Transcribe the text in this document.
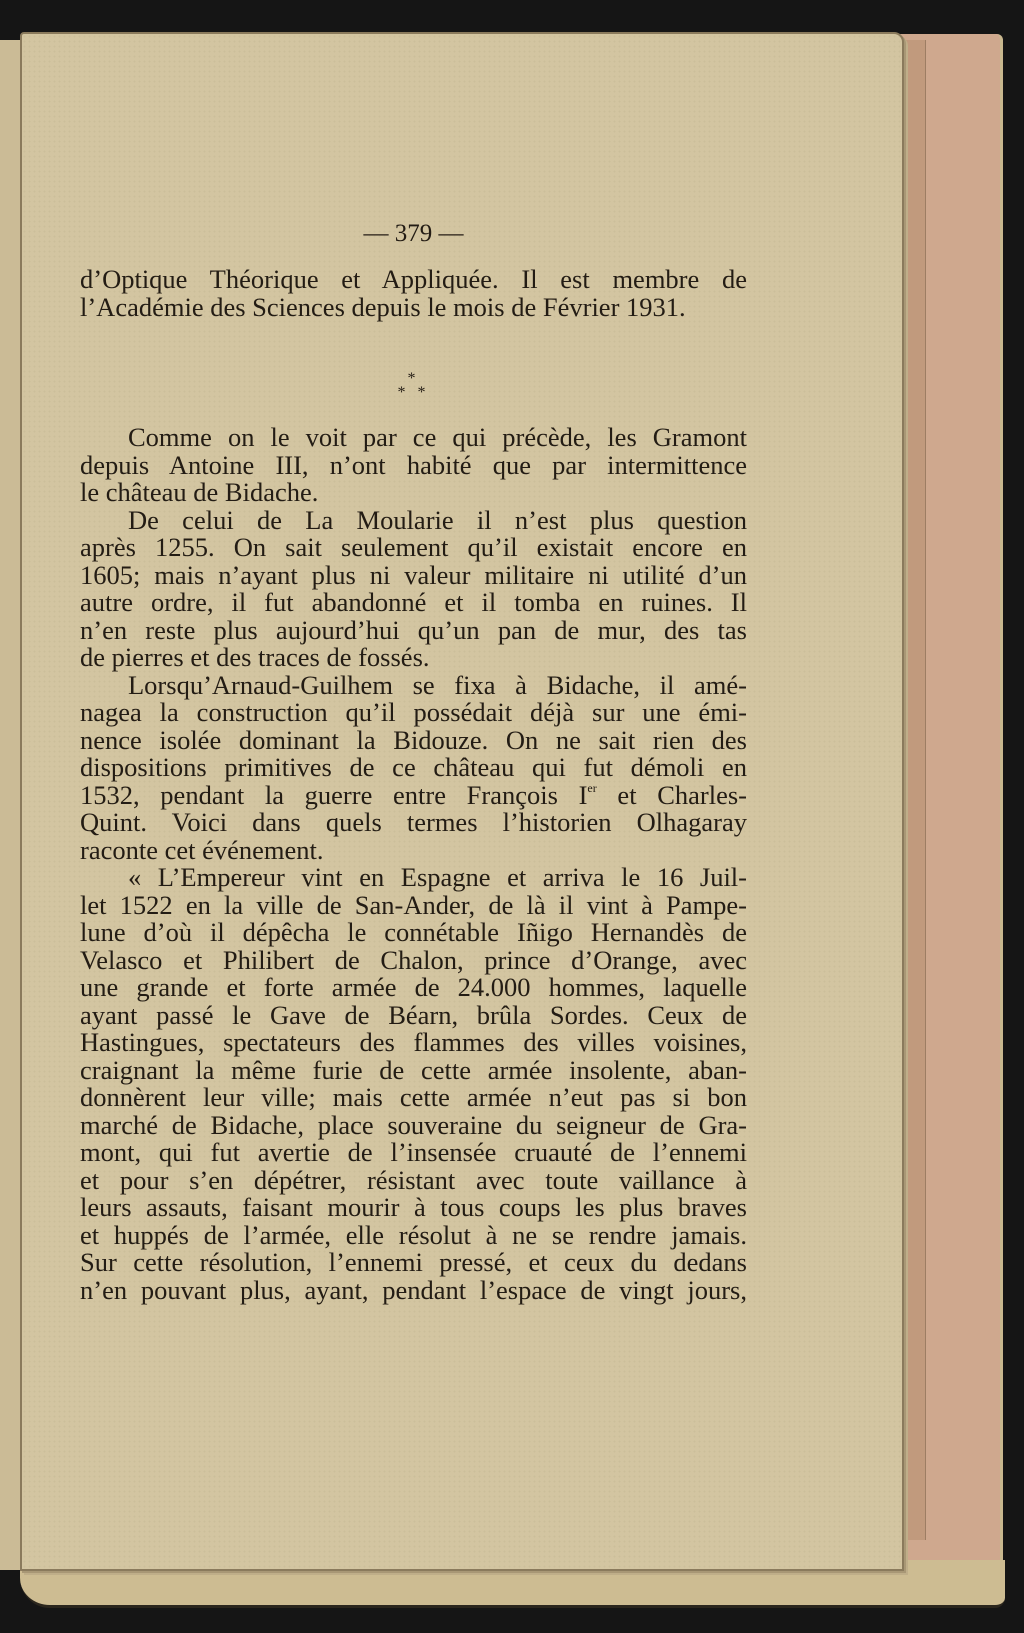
— 379 —
d’Optique Théorique et Appliquée. Il est membre de
l’Académie des Sciences depuis le mois de Février 1931.
*
* *
Comme on le voit par ce qui précède, les Gramont
depuis Antoine III, n’ont habité que par intermittence
le château de Bidache.
De celui de La Moularie il n’est plus question
après 1255. On sait seulement qu’il existait encore en
1605; mais n’ayant plus ni valeur militaire ni utilité d’un
autre ordre, il fut abandonné et il tomba en ruines. Il
n’en reste plus aujourd’hui qu’un pan de mur, des tas
de pierres et des traces de fossés.
Lorsqu’Arnaud-Guilhem se fixa à Bidache, il amé-
nagea la construction qu’il possédait déjà sur une émi-
nence isolée dominant la Bidouze. On ne sait rien des
dispositions primitives de ce château qui fut démoli en
1532, pendant la guerre entre François Ier et Charles-
Quint. Voici dans quels termes l’historien Olhagaray
raconte cet événement.
« L’Empereur vint en Espagne et arriva le 16 Juil-
let 1522 en la ville de San-Ander, de là il vint à Pampe-
lune d’où il dépêcha le connétable Iñigo Hernandès de
Velasco et Philibert de Chalon, prince d’Orange, avec
une grande et forte armée de 24.000 hommes, laquelle
ayant passé le Gave de Béarn, brûla Sordes. Ceux de
Hastingues, spectateurs des flammes des villes voisines,
craignant la même furie de cette armée insolente, aban-
donnèrent leur ville; mais cette armée n’eut pas si bon
marché de Bidache, place souveraine du seigneur de Gra-
mont, qui fut avertie de l’insensée cruauté de l’ennemi
et pour s’en dépétrer, résistant avec toute vaillance à
leurs assauts, faisant mourir à tous coups les plus braves
et huppés de l’armée, elle résolut à ne se rendre jamais.
Sur cette résolution, l’ennemi pressé, et ceux du dedans
n’en pouvant plus, ayant, pendant l’espace de vingt jours,
